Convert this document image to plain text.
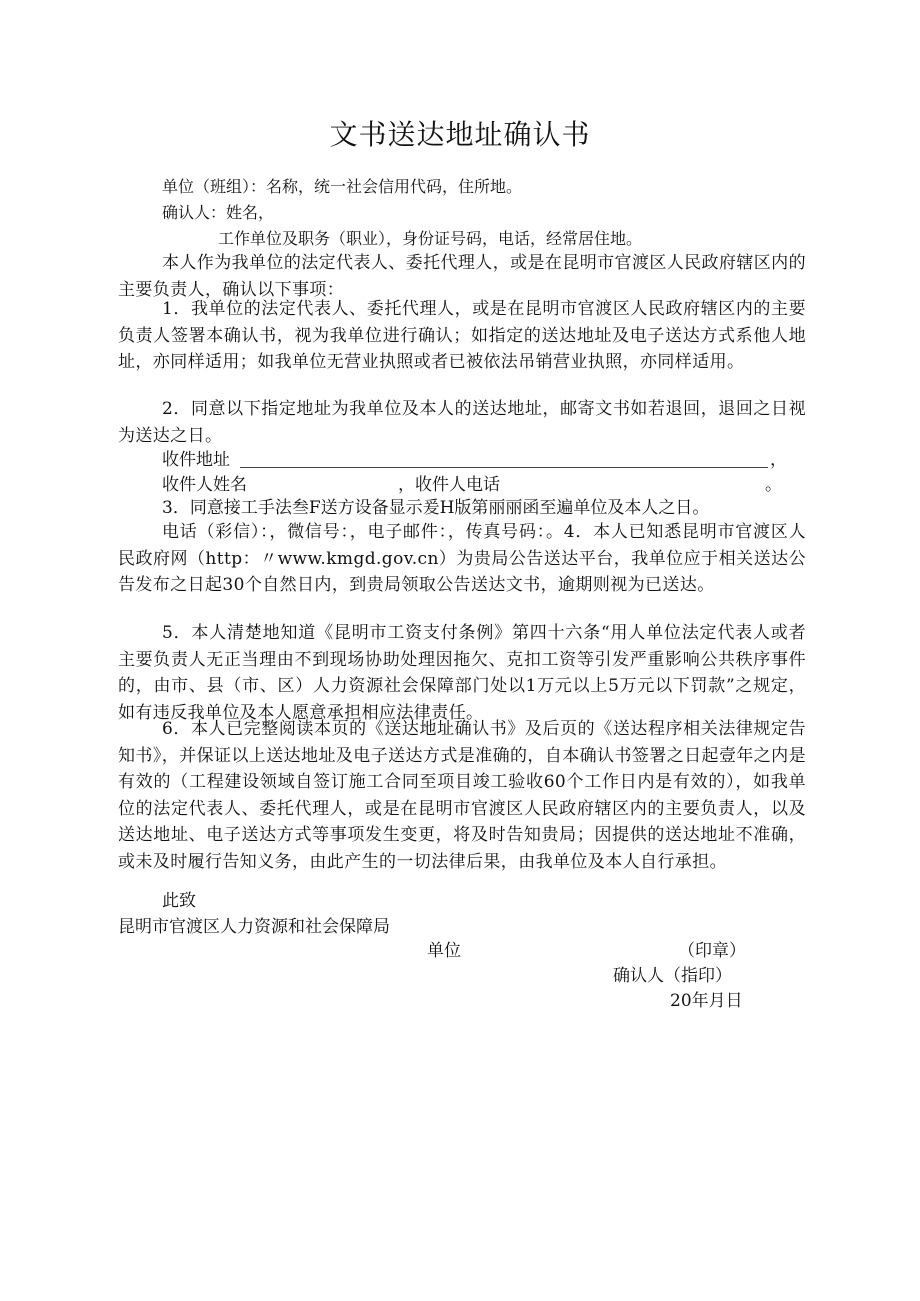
文书送达地址确认书
单位（班组）：名称，统一社会信用代码，住所地。
确认人：姓名，
工作单位及职务（职业），身份证号码，电话，经常居住地。
本人作为我单位的法定代表人、委托代理人，或是在昆明市官渡区人民政府辖区内的主要负责人，确认以下事项：
1．我单位的法定代表人、委托代理人，或是在昆明市官渡区人民政府辖区内的主要负责人签署本确认书，视为我单位进行确认；如指定的送达地址及电子送达方式系他人地址，亦同样适用；如我单位无营业执照或者已被依法吊销营业执照，亦同样适用。
2．同意以下指定地址为我单位及本人的送达地址，邮寄文书如若退回，退回之日视为送达之日。
收件地址	，
收件人姓名	，收件人电话	。
3．同意接工手法叁F送方设备显示爰H版第丽丽函至遍单位及本人之日。
电话（彩信）：，微信号：，电子邮件：，传真号码：。4．本人已知悉昆明市官渡区人民政府网（http：〃www.kmgd.gov.cn）为贵局公告送达平台，我单位应于相关送达公告发布之日起30个自然日内，到贵局领取公告送达文书，逾期则视为已送达。
5．本人清楚地知道《昆明市工资支付条例》第四十六条“用人单位法定代表人或者主要负责人无正当理由不到现场协助处理因拖欠、克扣工资等引发严重影响公共秩序事件的，由市、县（市、区）人力资源社会保障部门处以1万元以上5万元以下罚款”之规定，如有违反我单位及本人愿意承担相应法律责任。
6．本人已完整阅读本页的《送达地址确认书》及后页的《送达程序相关法律规定告知书》，并保证以上送达地址及电子送达方式是准确的，自本确认书签署之日起壹年之内是有效的（工程建设领域自签订施工合同至项目竣工验收60个工作日内是有效的），如我单位的法定代表人、委托代理人，或是在昆明市官渡区人民政府辖区内的主要负责人，以及送达地址、电子送达方式等事项发生变更，将及时告知贵局；因提供的送达地址不准确，或未及时履行告知义务，由此产生的一切法律后果，由我单位及本人自行承担。
此致
昆明市官渡区人力资源和社会保障局
单位	（印章）
确认人（指印）
20年月日
